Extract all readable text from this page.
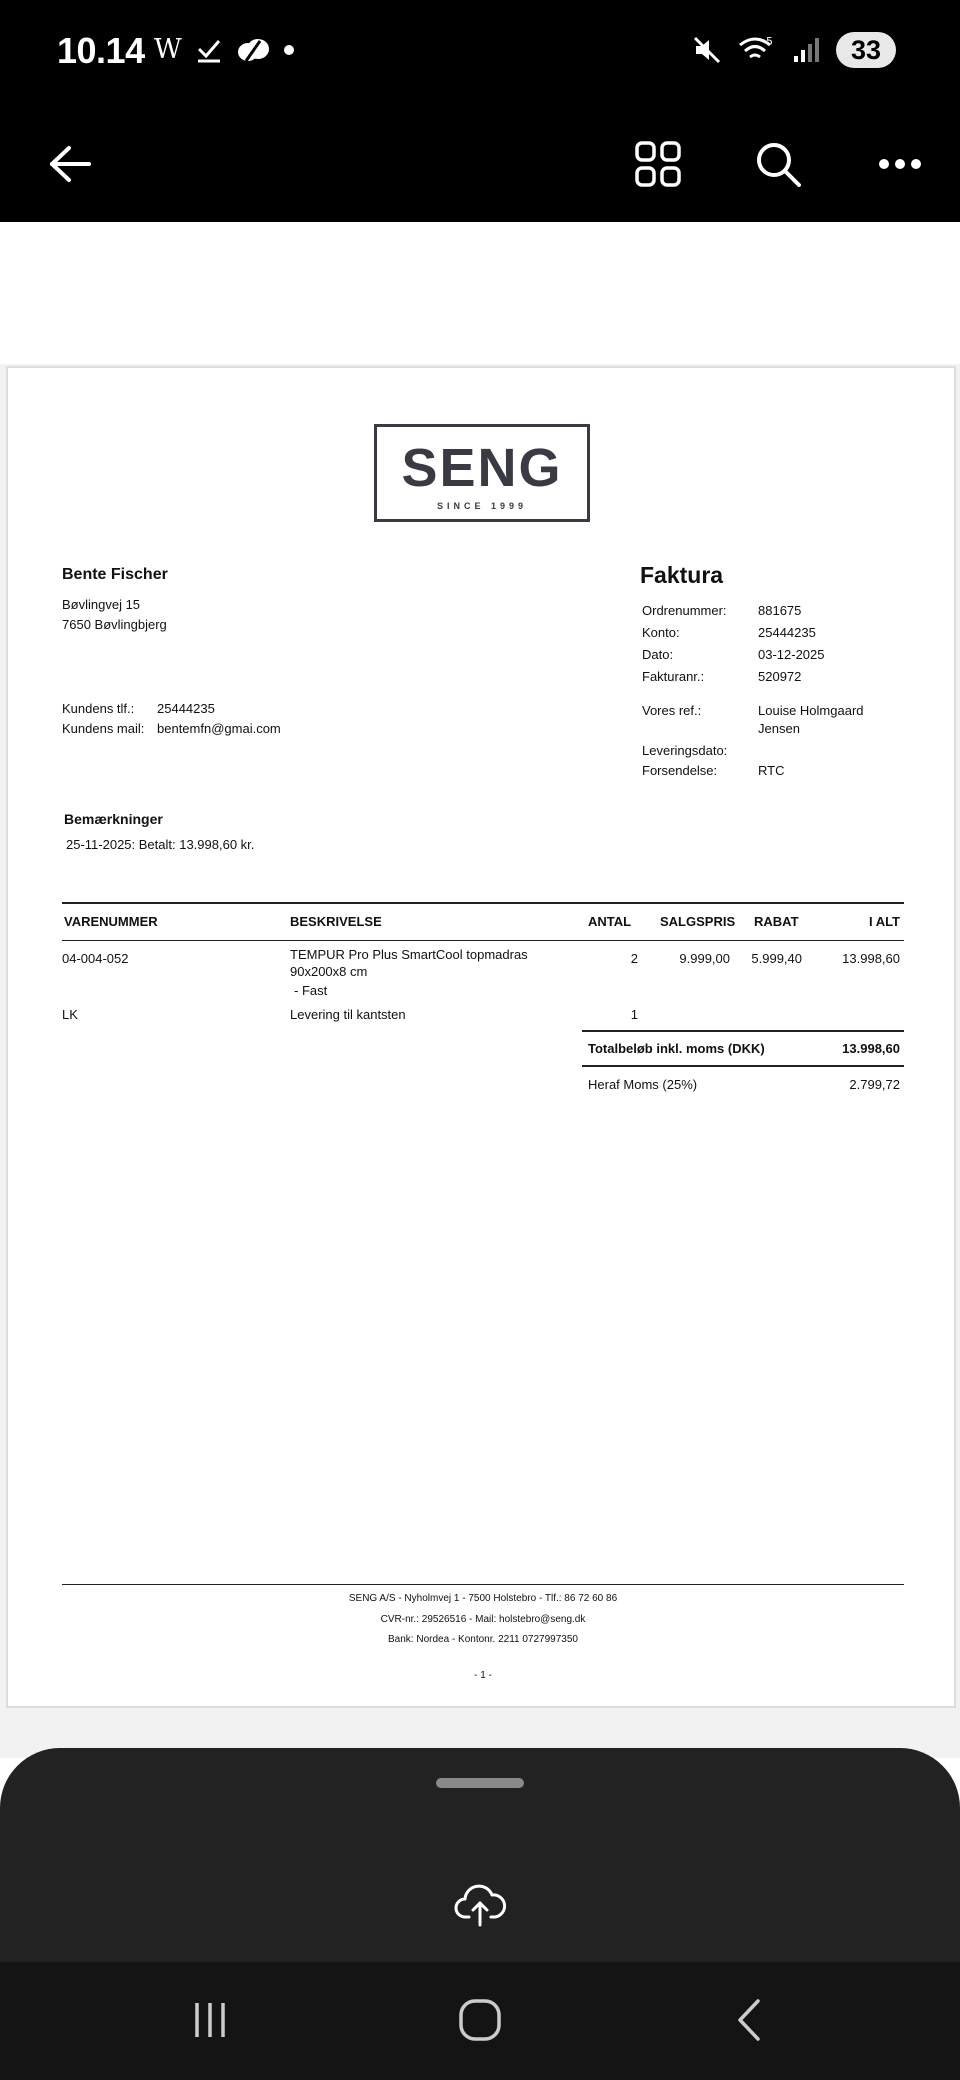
10.14 W	5	33
SENG
SINCE 1999
Bente Fischer
Bøvlingvej 15
7650 Bøvlingbjerg
Kundens tlf.: 25444235
Kundens mail: bentemfn@gmai.com
Faktura
Ordrenummer: 881675
Konto:	25444235
Dato:	03-12-2025
Fakturanr.:	520972
Vores ref.:	Louise Holmgaard
Jensen
Leveringsdato:
Forsendelse:	RTC
Bemærkninger
25-11-2025: Betalt: 13.998,60 kr.
VARENUMMER	BESKRIVELSE	ANTAL SALGSPRIS RABAT	I ALT
04-004-052	TEMPUR Pro Plus SmartCool topmadras
90x200x8 cm
- Fast
2	9.999,00 5.999,40	13.998,60
LK	Levering til kantsten	1
Totalbeløb inkl. moms (DKK)	13.998,60
Heraf Moms (25%)	2.799,72
SENG A/S - Nyholmvej 1 - 7500 Holstebro - Tlf.: 86 72 60 86
CVR-nr.: 29526516 - Mail: holstebro@seng.dk
Bank: Nordea - Kontonr. 2211 0727997350
- 1 -
